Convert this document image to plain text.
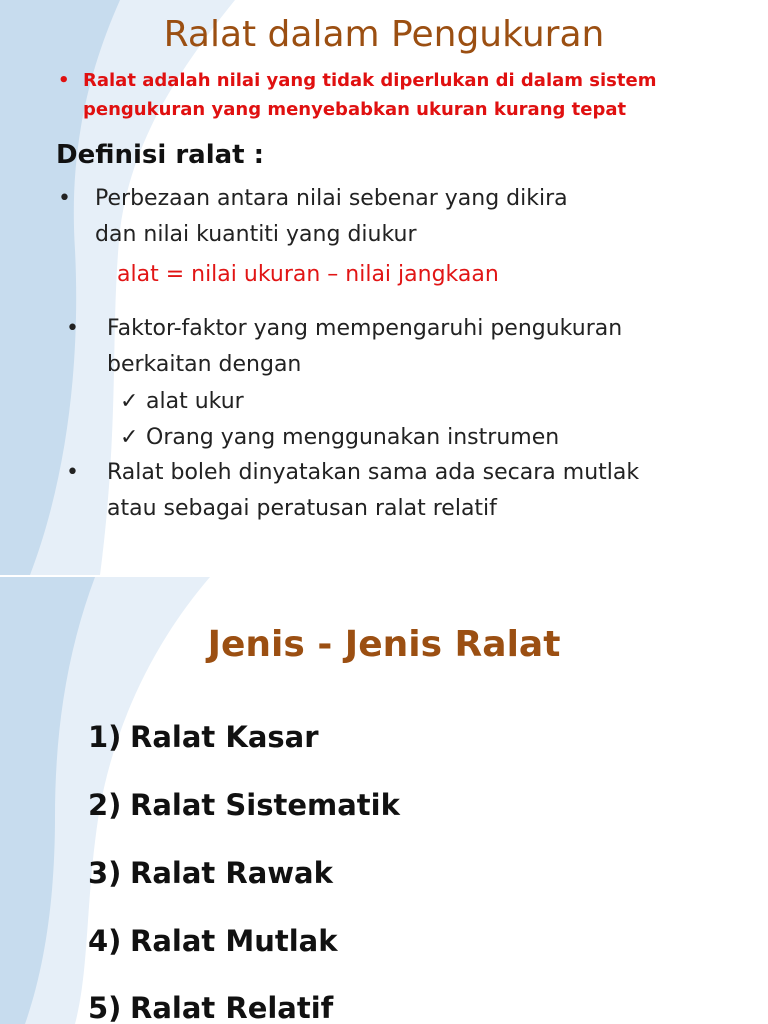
Ralat dalam Pengukuran
• Ralat adalah nilai yang tidak diperlukan di dalam sistem pengukuran yang menyebabkan ukuran kurang tepat
Definisi ralat :
• Perbezaan antara nilai sebenar yang dikira
dan nilai kuantiti yang diukur
alat = nilai ukuran – nilai jangkaan
• Faktor-faktor yang mempengaruhi pengukuran
berkaitan dengan
✓ alat ukur
✓ Orang yang menggunakan instrumen
• Ralat boleh dinyatakan sama ada secara mutlak
atau sebagai peratusan ralat relatif
Jenis - Jenis Ralat
1) Ralat Kasar
2) Ralat Sistematik
3) Ralat Rawak
4) Ralat Mutlak
5) Ralat Relatif
